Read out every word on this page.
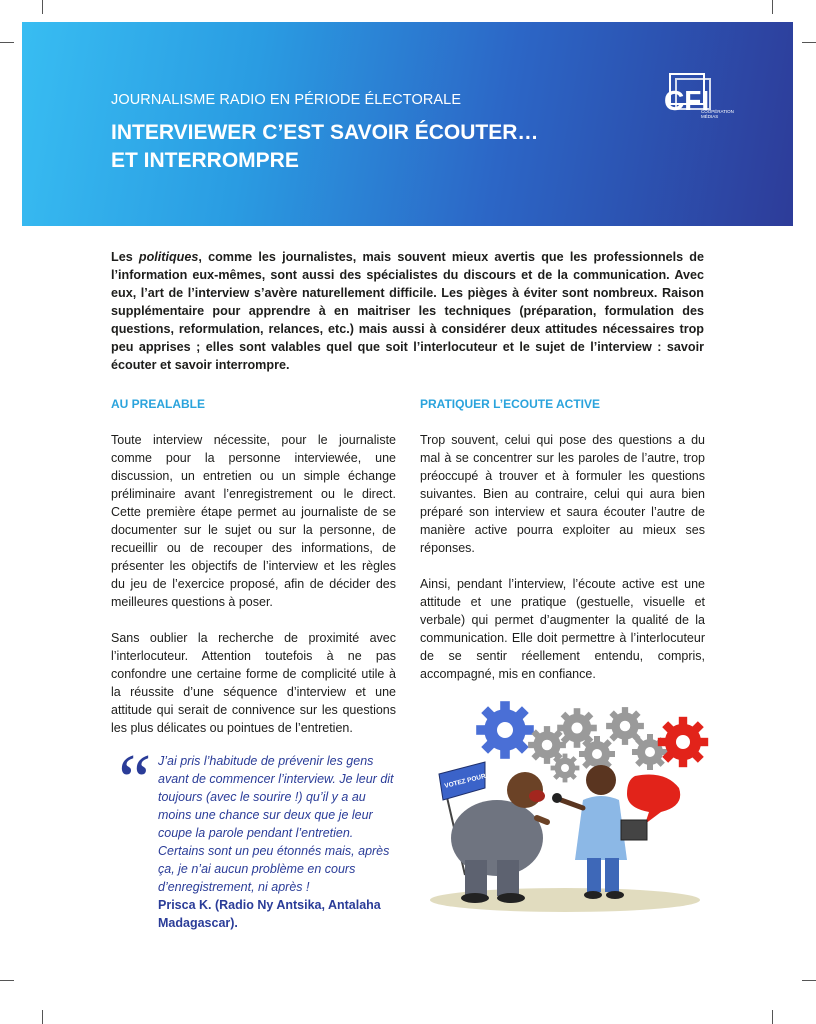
JOURNALISME RADIO EN PÉRIODE ÉLECTORALE
INTERVIEWER C’EST SAVOIR ÉCOUTER…
ET INTERROMPRE
CFI
COOPÉRATION
MÉDIAS

Les politiques, comme les journalistes, mais souvent mieux avertis que les professionnels de l’information eux-mêmes, sont aussi des spécialistes du discours et de la communication. Avec eux, l’art de l’interview s’avère naturellement difficile. Les pièges à éviter sont nombreux. Raison supplémentaire pour apprendre à en maitriser les techniques (préparation, formulation des questions, reformulation, relances, etc.) mais aussi à considérer deux attitudes nécessaires trop peu apprises ; elles sont valables quel que soit l’interlocuteur et le sujet de l’interview : savoir écouter et savoir interrompre.

AU PREALABLE

Toute interview nécessite, pour le journaliste comme pour la personne interviewée, une discussion, un entretien ou un simple échange préliminaire avant l’enregistrement ou le direct. Cette première étape permet au journaliste de se documenter sur le sujet ou sur la personne, de recueillir ou de recouper des informations, de présenter les objectifs de l’interview et les règles du jeu de l’exercice proposé, afin de décider des meilleures questions à poser.

Sans oublier la recherche de proximité avec l’interlocuteur. Attention toutefois à ne pas confondre une certaine forme de complicité utile à la réussite d’une séquence d’interview et une attitude qui serait de connivence sur les questions les plus délicates ou pointues de l’entretien.

PRATIQUER L’ECOUTE ACTIVE

Trop souvent, celui qui pose des questions a du mal à se concentrer sur les paroles de l’autre, trop préoccupé à trouver et à formuler les questions suivantes. Bien au contraire, celui qui aura bien préparé son interview et saura écouter l’autre de manière active pourra exploiter au mieux ses réponses.

Ainsi, pendant l’interview, l’écoute active est une attitude et une pratique (gestuelle, visuelle et verbale) qui permet d’augmenter la qualité de la communication. Elle doit permettre à l’interlocuteur de se sentir réellement entendu, compris, accompagné, mis en confiance.

“ J’ai pris l’habitude de prévenir les gens avant de commencer l’interview. Je leur dit toujours (avec le sourire !) qu’il y a au moins une chance sur deux que je leur coupe la parole pendant l’entretien. Certains sont un peu étonnés mais, après ça, je n’ai aucun problème en cours d’enregistrement, ni après !
Prisca K. (Radio Ny Antsika, Antalaha Madagascar).

VOTEZ POUR MOI
